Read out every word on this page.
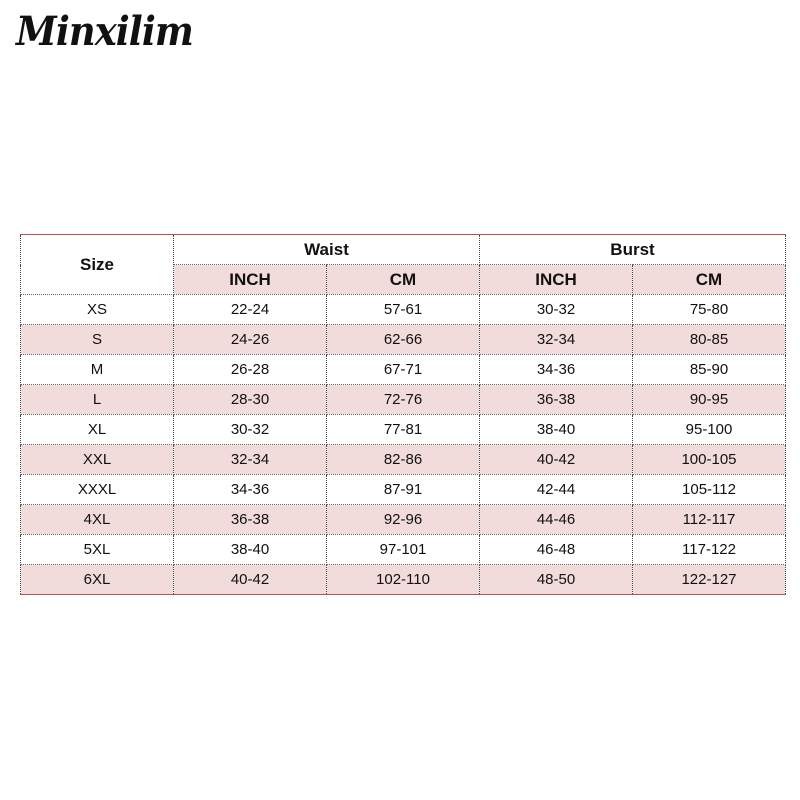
Minxilim
Size	Waist		Burst	
	INCH	CM	INCH	CM
XS	22-24	57-61	30-32	75-80
S	24-26	62-66	32-34	80-85
M	26-28	67-71	34-36	85-90
L	28-30	72-76	36-38	90-95
XL	30-32	77-81	38-40	95-100
XXL	32-34	82-86	40-42	100-105
XXXL	34-36	87-91	42-44	105-112
4XL	36-38	92-96	44-46	112-117
5XL	38-40	97-101	46-48	117-122
6XL	40-42	102-110	48-50	122-127
